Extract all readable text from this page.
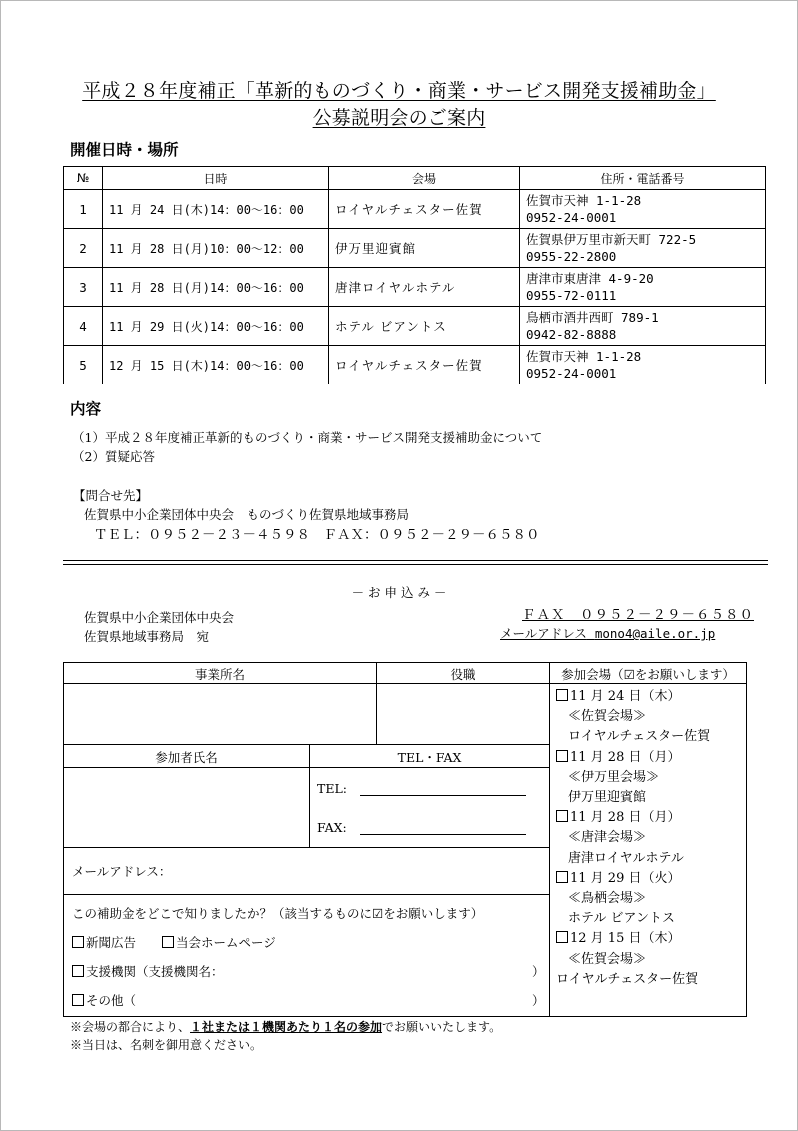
平成２８年度補正「革新的ものづくり・商業・サービス開発支援補助金」
公募説明会のご案内
開催日時・場所
№	日時	会場	住所・電話番号
1	11 月 24 日(木)14：00〜16：00	ロイヤルチェスター佐賀	佐賀市天神 1-1-28
0952-24-0001

2	11 月 28 日(月)10：00〜12：00	伊万里迎賓館	佐賀県伊万里市新天町 722-5
0955-22-2800

3	11 月 28 日(月)14：00〜16：00	唐津ロイヤルホテル	唐津市東唐津 4-9-20
0955-72-0111

4	11 月 29 日(火)14：00〜16：00	ホテル ビアントス	鳥栖市酒井西町 789-1
0942-82-8888

5	12 月 15 日(木)14：00〜16：00	ロイヤルチェスター佐賀	佐賀市天神 1-1-28
0952-24-0001
内容
（1）平成２８年度補正革新的ものづくり・商業・サービス開発支援補助金について
（2）質疑応答
【問合せ先】
佐賀県中小企業団体中央会　ものづくり佐賀県地域事務局
ＴＥＬ：０９５２－２３－４５９８　ＦＡＸ：０９５２－２９－６５８０
－ お 申 込 み －
佐賀県中小企業団体中央会
佐賀県地域事務局　宛
ＦＡＸ　０９５２－２９－６５８０
メールアドレス mono4@aile.or.jp
事業所名	役職	参加会場（☑をお願いします）
参加者氏名	TEL・FAX
TEL:
FAX:
メールアドレス：
この補助金をどこで知りましたか？（該当するものに☑をお願いします）
新聞広告	当会ホームページ
支援機関（支援機関名：	）
その他（	）
11 月 24 日（木）
≪佐賀会場≫
ロイヤルチェスター佐賀
11 月 28 日（月）
≪伊万里会場≫
伊万里迎賓館
11 月 28 日（月）
≪唐津会場≫
唐津ロイヤルホテル
11 月 29 日（火）
≪鳥栖会場≫
ホテル ビアントス
12 月 15 日（木）
≪佐賀会場≫
ロイヤルチェスター佐賀
※会場の都合により、１社または１機関あたり１名の参加でお願いいたします。
※当日は、名刺を御用意ください。
